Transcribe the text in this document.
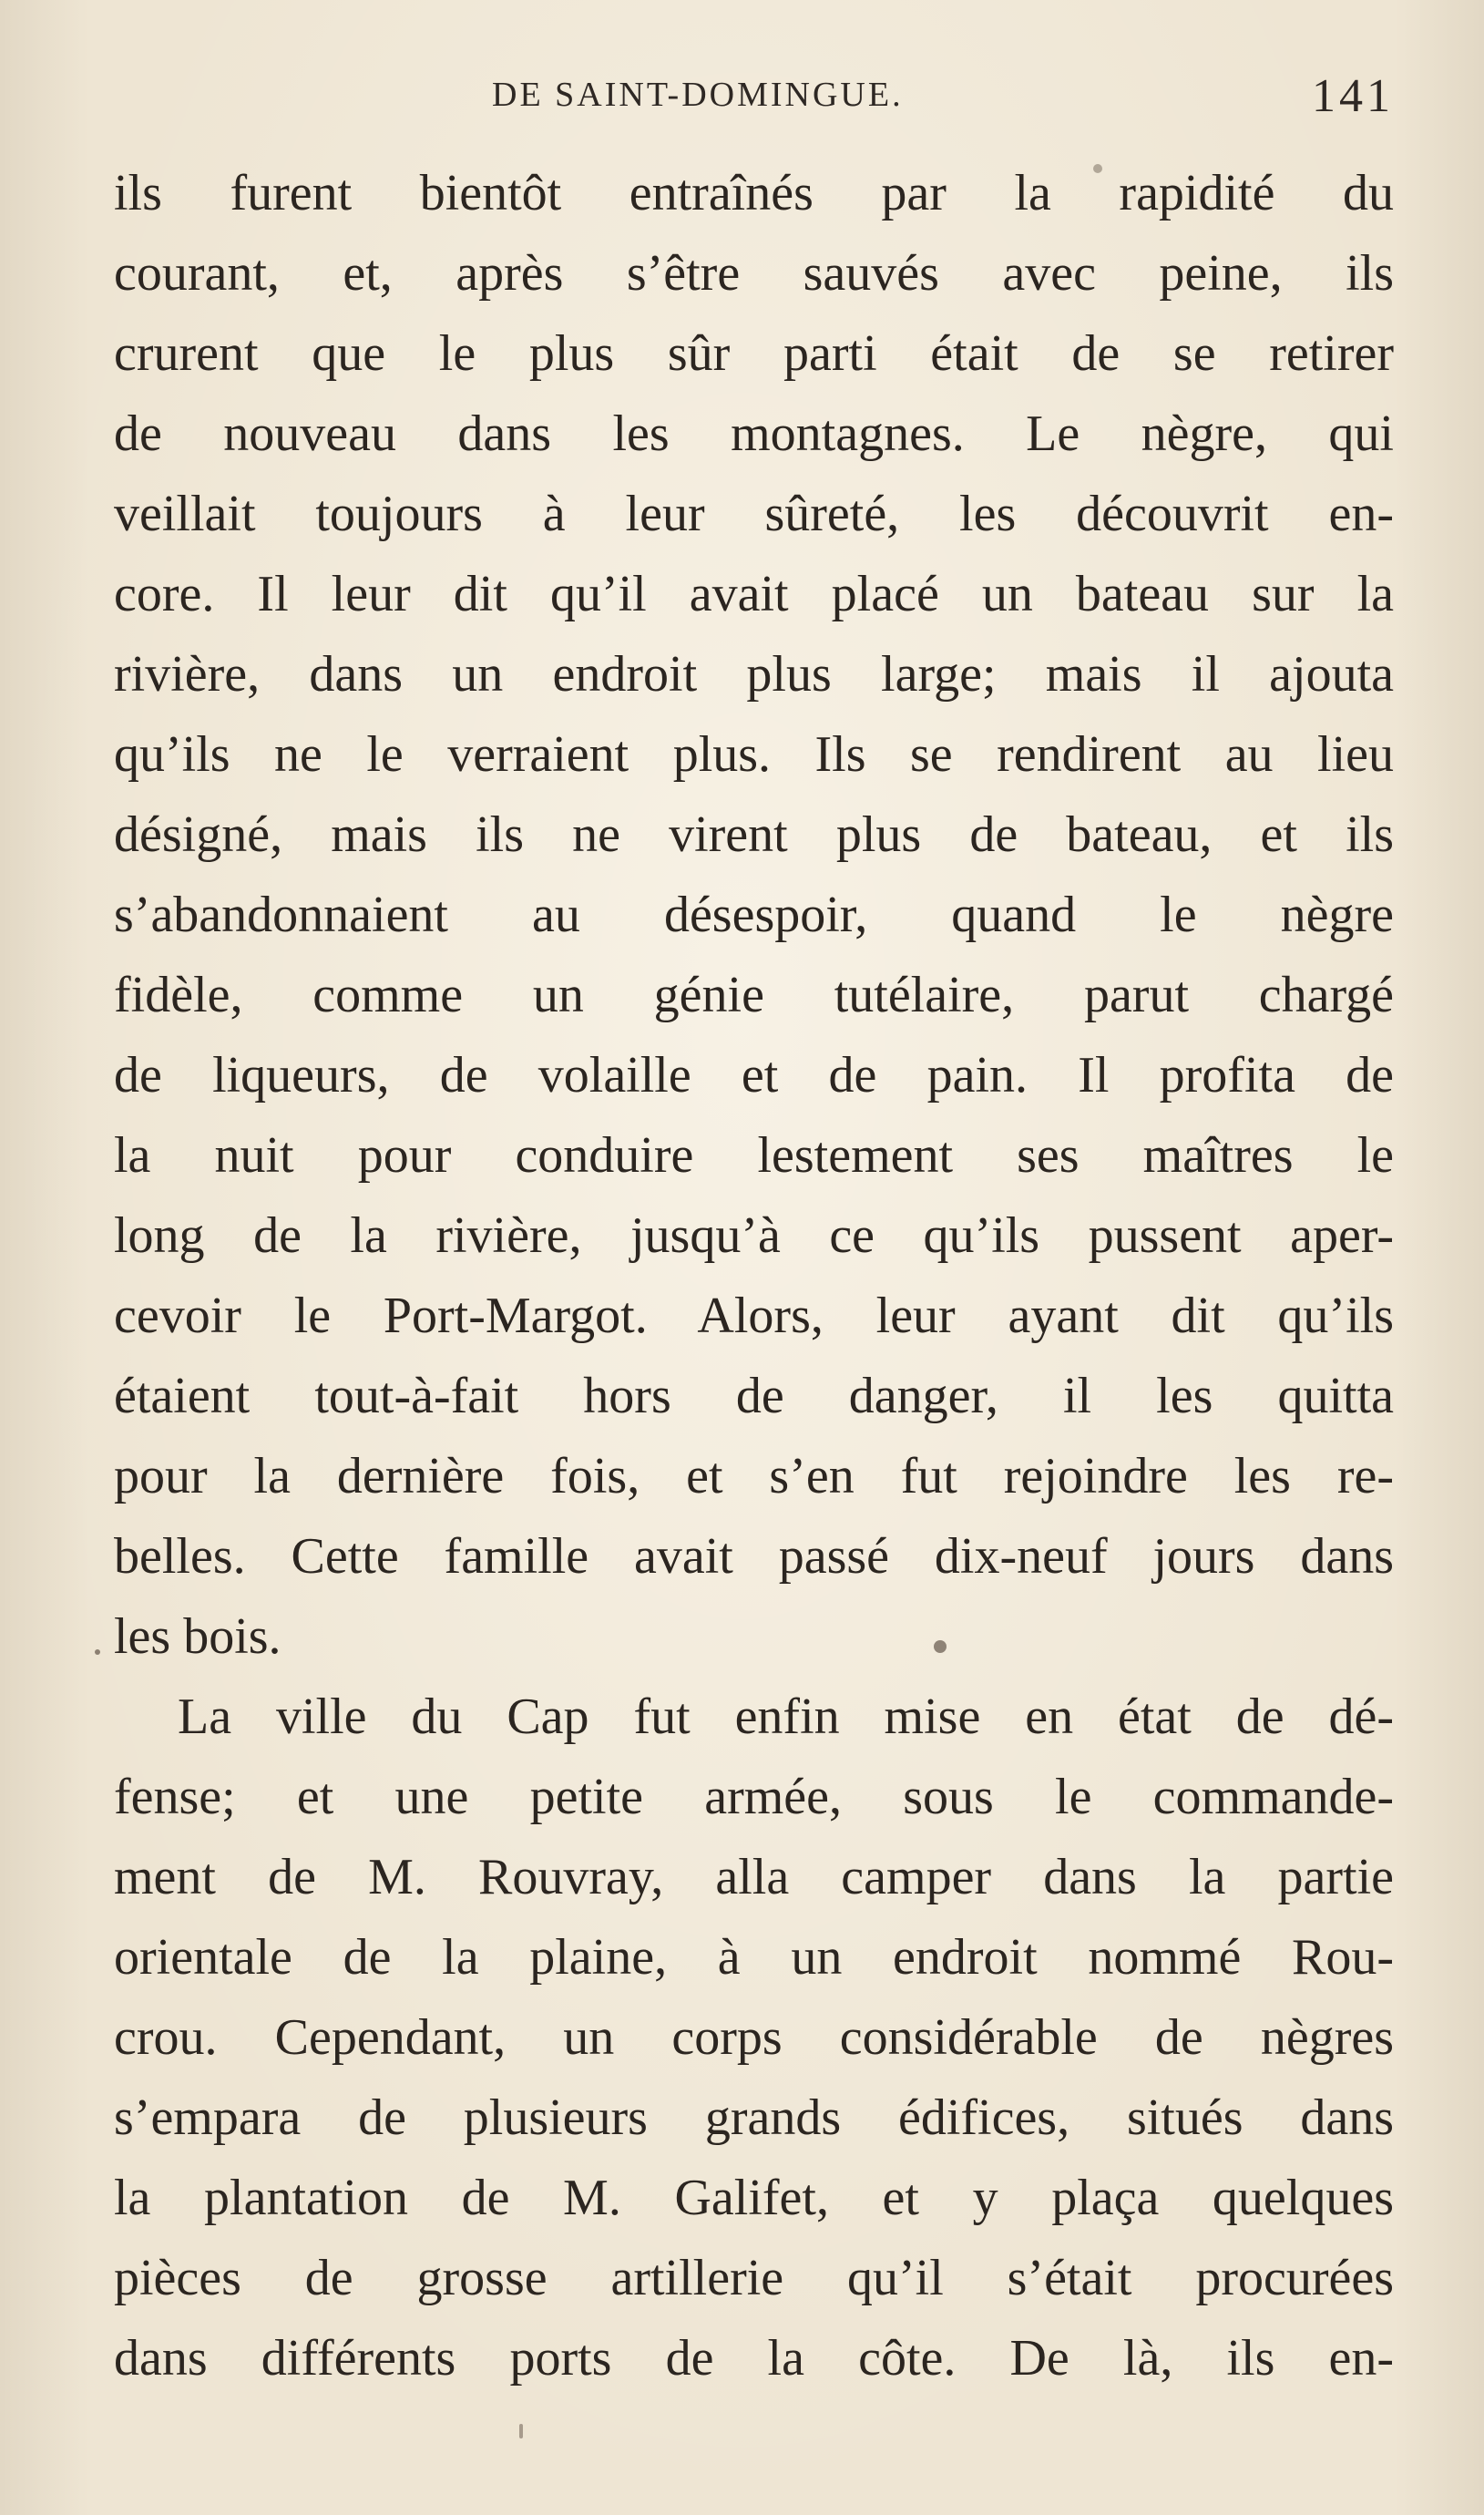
DE SAINT-DOMINGUE.	141
ils furent bientôt entraînés par la rapidité du
courant, et, après s’être sauvés avec peine, ils
crurent que le plus sûr parti était de se retirer
de nouveau dans les montagnes. Le nègre, qui
veillait toujours à leur sûreté, les découvrit en-
core. Il leur dit qu’il avait placé un bateau sur la
rivière, dans un endroit plus large; mais il ajouta
qu’ils ne le verraient plus. Ils se rendirent au lieu
désigné, mais ils ne virent plus de bateau, et ils
s’abandonnaient au désespoir, quand le nègre
fidèle, comme un génie tutélaire, parut chargé
de liqueurs, de volaille et de pain. Il profita de
la nuit pour conduire lestement ses maîtres le
long de la rivière, jusqu’à ce qu’ils pussent aper-
cevoir le Port-Margot. Alors, leur ayant dit qu’ils
étaient tout-à-fait hors de danger, il les quitta
pour la dernière fois, et s’en fut rejoindre les re-
belles. Cette famille avait passé dix-neuf jours dans
les bois.
La ville du Cap fut enfin mise en état de dé-
fense; et une petite armée, sous le commande-
ment de M. Rouvray, alla camper dans la partie
orientale de la plaine, à un endroit nommé Rou-
crou. Cependant, un corps considérable de nègres
s’empara de plusieurs grands édifices, situés dans
la plantation de M. Galifet, et y plaça quelques
pièces de grosse artillerie qu’il s’était procurées
dans différents ports de la côte. De là, ils en-
